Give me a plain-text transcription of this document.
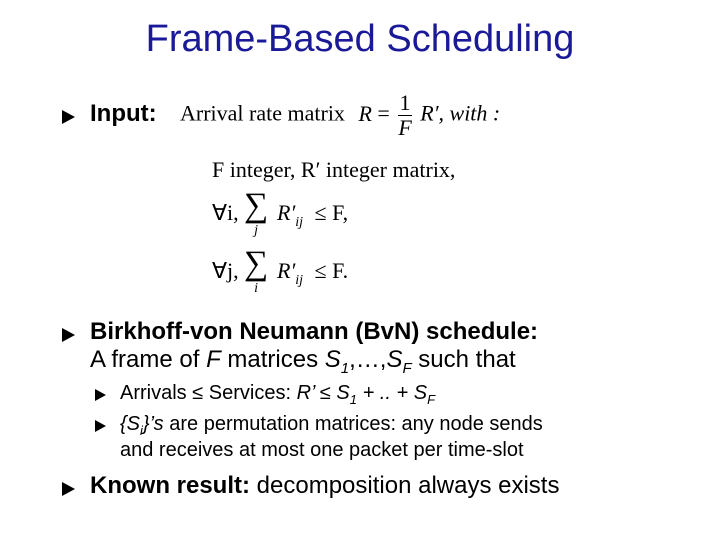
Frame-Based Scheduling
Input: Arrival rate matrix $R = \frac{1}{F} R'$, with :
F integer, R′ integer matrix,
∀i, ∑
j
$R'_{ij} \le F$,
∀j, ∑
i
$R'_{ij} \le F$.
Birkhoff-von Neumann (BvN) schedule:
A frame of F matrices $S_1,\dots,S_F$ such that
Arrivals ≤ Services: R’ ≤ $S_1$ + .. + $S_F$
$\{S_i\}’s$ are permutation matrices: any node sends
and receives at most one packet per time-slot
Known result: decomposition always exists
